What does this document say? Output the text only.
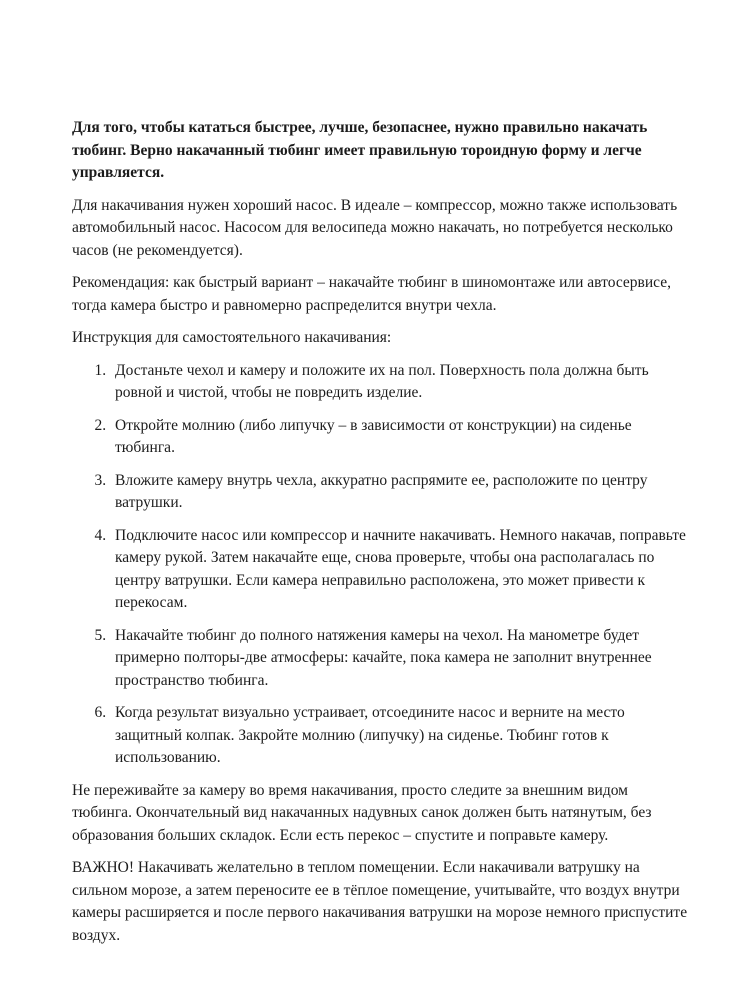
Для того, чтобы кататься быстрее, лучше, безопаснее, нужно правильно накачать тюбинг. Верно накачанный тюбинг имеет правильную тороидную форму и легче управляется.

Для накачивания нужен хороший насос. В идеале – компрессор, можно также использовать автомобильный насос. Насосом для велосипеда можно накачать, но потребуется несколько часов (не рекомендуется).

Рекомендация: как быстрый вариант – накачайте тюбинг в шиномонтаже или автосервисе, тогда камера быстро и равномерно распределится внутри чехла.

Инструкция для самостоятельного накачивания:

1. Достаньте чехол и камеру и положите их на пол. Поверхность пола должна быть ровной и чистой, чтобы не повредить изделие.
2. Откройте молнию (либо липучку – в зависимости от конструкции) на сиденье тюбинга.
3. Вложите камеру внутрь чехла, аккуратно распрямите ее, расположите по центру ватрушки.
4. Подключите насос или компрессор и начните накачивать. Немного накачав, поправьте камеру рукой. Затем накачайте еще, снова проверьте, чтобы она располагалась по центру ватрушки. Если камера неправильно расположена, это может привести к перекосам.
5. Накачайте тюбинг до полного натяжения камеры на чехол. На манометре будет примерно полторы-две атмосферы: качайте, пока камера не заполнит внутреннее пространство тюбинга.
6. Когда результат визуально устраивает, отсоедините насос и верните на место защитный колпак. Закройте молнию (липучку) на сиденье. Тюбинг готов к использованию.

Не переживайте за камеру во время накачивания, просто следите за внешним видом тюбинга. Окончательный вид накачанных надувных санок должен быть натянутым, без образования больших складок. Если есть перекос – спустите и поправьте камеру.

ВАЖНО! Накачивать желательно в теплом помещении. Если накачивали ватрушку на сильном морозе, а затем переносите ее в тёплое помещение, учитывайте, что воздух внутри камеры расширяется и после первого накачивания ватрушки на морозе немного приспустите воздух.
